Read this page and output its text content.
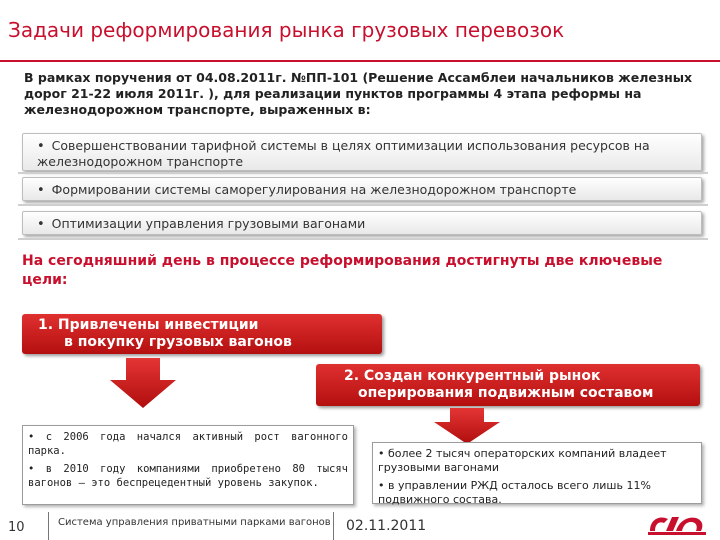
Задачи реформирования рынка грузовых перевозок
В рамках поручения от 04.08.2011г. №ПП-101 (Решение Ассамблеи начальников железных дорог 21-22 июля 2011г. ), для реализации пунктов программы 4 этапа реформы на железнодорожном транспорте, выраженных в:
• Совершенствовании тарифной системы в целях оптимизации использования ресурсов на железнодорожном транспорте
• Формировании системы саморегулирования на железнодорожном транспорте
• Оптимизации управления грузовыми вагонами
На сегодняшний день в процессе реформирования достигнуты две ключевые цели:
1. Привлечены инвестиции
в покупку грузовых вагонов
2. Создан конкурентный рынок
оперирования подвижным составом

• с 2006 года начался активный рост вагонного парка.

• в 2010 году компаниями приобретено 80 тысяч вагонов – это беспрецедентный уровень закупок.

• более 2 тысяч операторских компаний владеет грузовыми вагонами

• в управлении РЖД осталось всего лишь 11% подвижного состава.

10	Система управления приватными парками вагонов 02.11.2011
